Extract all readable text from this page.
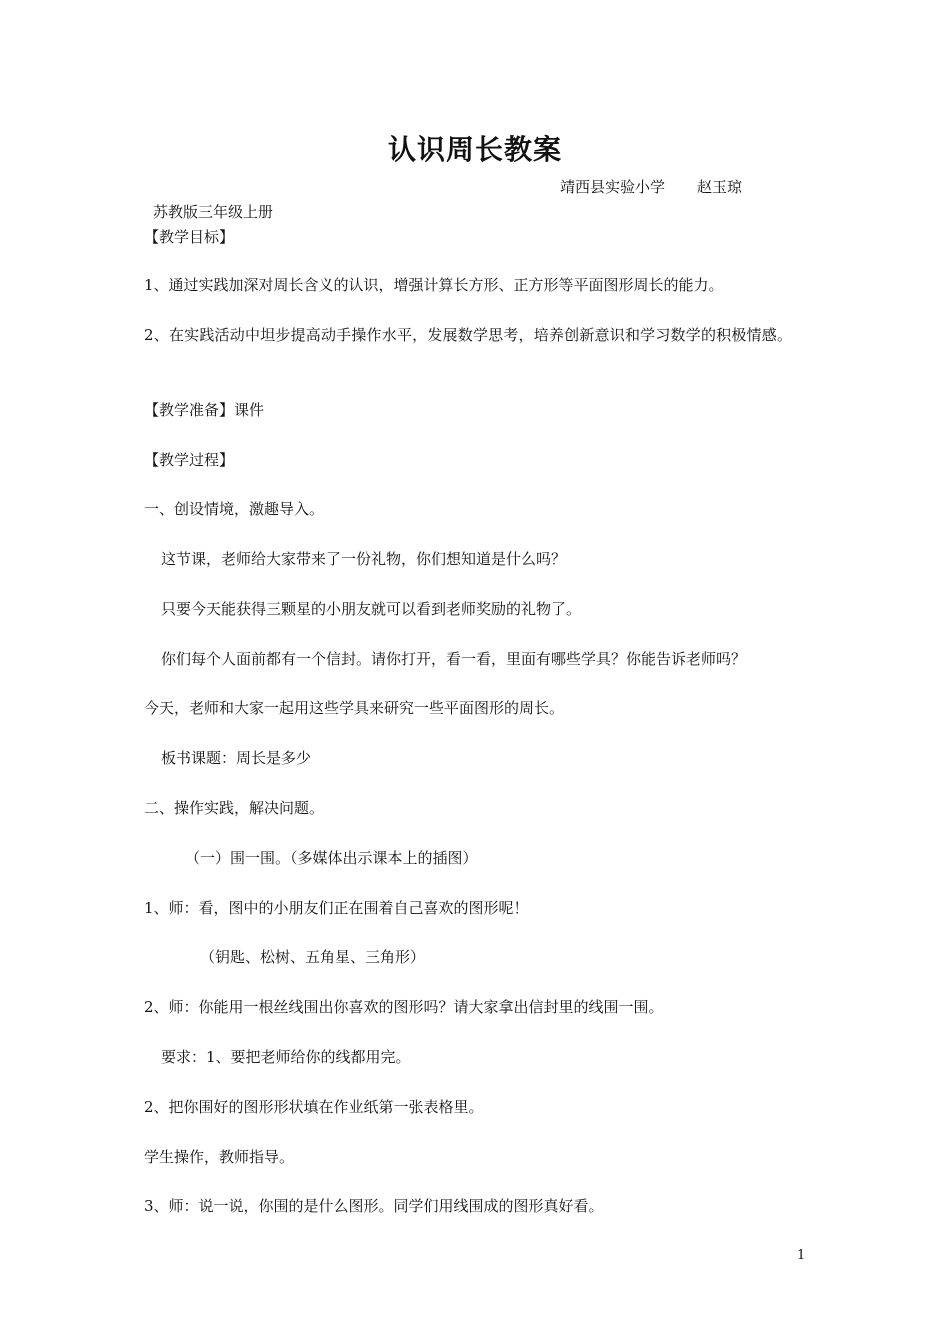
认识周长教案
靖西县实验小学 赵玉琼
苏教版三年级上册
【教学目标】
1、通过实践加深对周长含义的认识，增强计算长方形、正方形等平面图形周长的能力。
2、在实践活动中坦步提高动手操作水平，发展数学思考，培养创新意识和学习数学的积极情感。
【教学准备】课件
【教学过程】
一、创设情境，激趣导入。
这节课，老师给大家带来了一份礼物，你们想知道是什么吗？
只要今天能获得三颗星的小朋友就可以看到老师奖励的礼物了。
你们每个人面前都有一个信封。请你打开，看一看，里面有哪些学具？你能告诉老师吗？
今天，老师和大家一起用这些学具来研究一些平面图形的周长。
板书课题：周长是多少
二、操作实践，解决问题。
（一）围一围。（多媒体出示课本上的插图）
1、师：看，图中的小朋友们正在围着自己喜欢的图形呢！
（钥匙、松树、五角星、三角形）
2、师：你能用一根丝线围出你喜欢的图形吗？请大家拿出信封里的线围一围。
要求：1、要把老师给你的线都用完。
2、把你围好的图形形状填在作业纸第一张表格里。
学生操作，教师指导。
3、师：说一说，你围的是什么图形。同学们用线围成的图形真好看。
1
